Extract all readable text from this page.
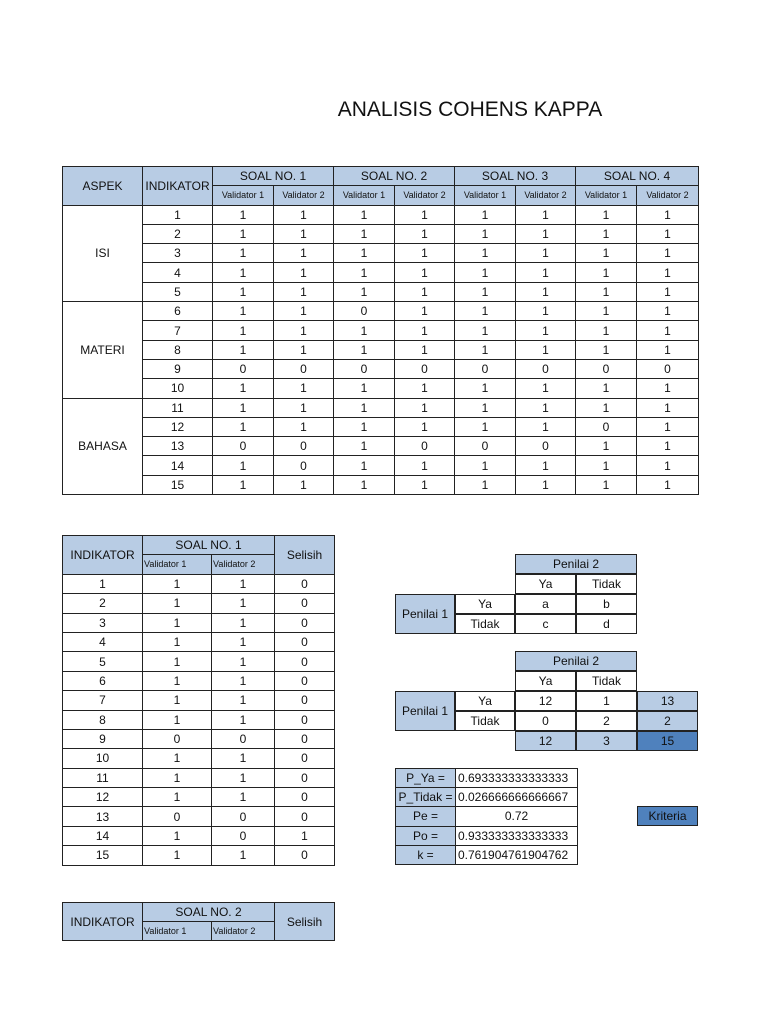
ANALISIS COHENS KAPPA
ASPEK	INDIKATOR	SOAL NO. 1		SOAL NO. 2		SOAL NO. 3		SOAL NO. 4	
		Validator 1	Validator 2	Validator 1	Validator 2	Validator 1	Validator 2	Validator 1	Validator 2
ISI	1	1	1	1	1	1	1	1	1
	2	1	1	1	1	1	1	1	1
	3	1	1	1	1	1	1	1	1
	4	1	1	1	1	1	1	1	1
	5	1	1	1	1	1	1	1	1
MATERI	6	1	1	0	1	1	1	1	1
	7	1	1	1	1	1	1	1	1
	8	1	1	1	1	1	1	1	1
	9	0	0	0	0	0	0	0	0
	10	1	1	1	1	1	1	1	1
BAHASA	11	1	1	1	1	1	1	1	1
	12	1	1	1	1	1	1	0	1
	13	0	0	1	0	0	0	1	1
	14	1	0	1	1	1	1	1	1
	15	1	1	1	1	1	1	1	1
INDIKATOR	SOAL NO. 1		Selisih
	Validator 1	Validator 2	
1	1	1	0
2	1	1	0
3	1	1	0
4	1	1	0
5	1	1	0
6	1	1	0
7	1	1	0
8	1	1	0
9	0	0	0
10	1	1	0
11	1	1	0
12	1	1	0
13	0	0	0
14	1	0	1
15	1	1	0
INDIKATOR	SOAL NO. 2		Selisih
	Validator 1	Validator 2	
		Penilai 2	
		Ya	Tidak
Penilai 1	Ya	a	b
	Tidak	c	d
		Penilai 2		
		Ya	Tidak	
Penilai 1	Ya	12	1	13
	Tidak	0	2	2
		12	3	15
P_Ya =	0.693333333333333
P_Tidak =	0.026666666666667
Pe =	0.72
Po =	0.933333333333333
k =	0.761904761904762
Kriteria
